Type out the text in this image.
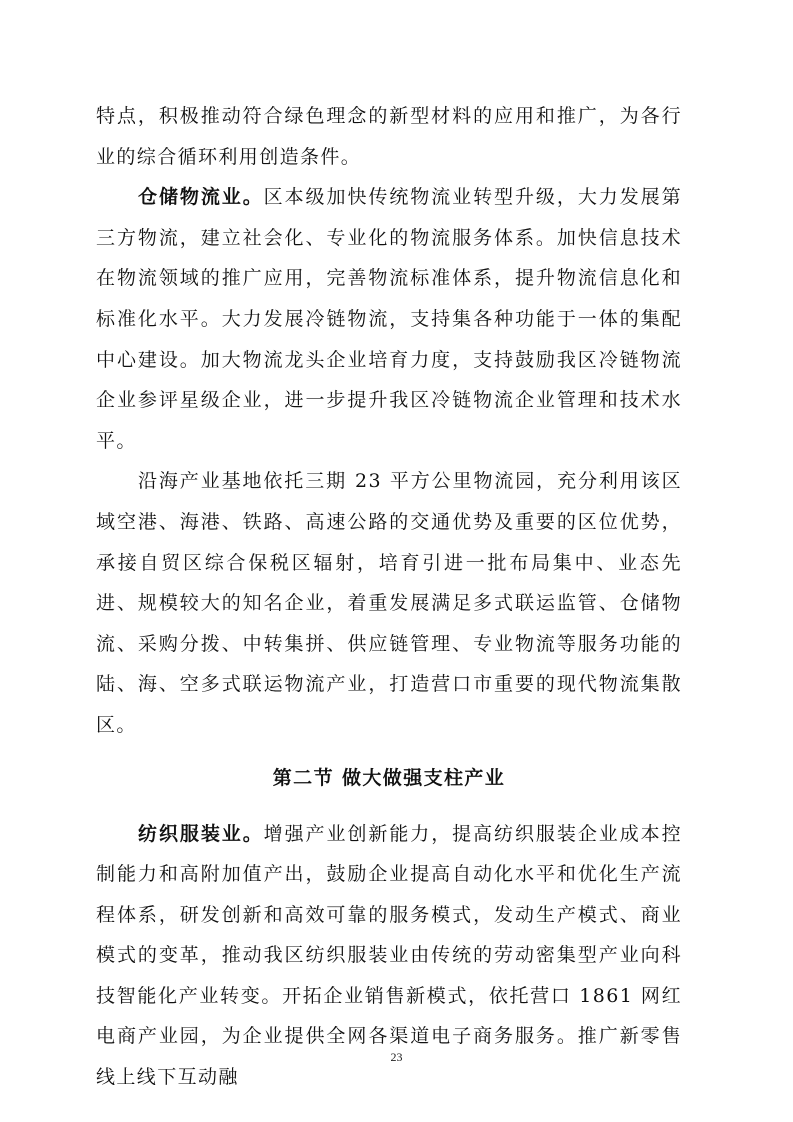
特点，积极推动符合绿色理念的新型材料的应用和推广，为各行业的综合循环利用创造条件。

仓储物流业。区本级加快传统物流业转型升级，大力发展第三方物流，建立社会化、专业化的物流服务体系。加快信息技术在物流领域的推广应用，完善物流标准体系，提升物流信息化和标准化水平。大力发展冷链物流，支持集各种功能于一体的集配中心建设。加大物流龙头企业培育力度，支持鼓励我区冷链物流企业参评星级企业，进一步提升我区冷链物流企业管理和技术水平。

沿海产业基地依托三期 23 平方公里物流园，充分利用该区域空港、海港、铁路、高速公路的交通优势及重要的区位优势，承接自贸区综合保税区辐射，培育引进一批布局集中、业态先进、规模较大的知名企业，着重发展满足多式联运监管、仓储物流、采购分拨、中转集拼、供应链管理、专业物流等服务功能的陆、海、空多式联运物流产业，打造营口市重要的现代物流集散区。

第二节 做大做强支柱产业

纺织服装业。增强产业创新能力，提高纺织服装企业成本控制能力和高附加值产出，鼓励企业提高自动化水平和优化生产流程体系，研发创新和高效可靠的服务模式，发动生产模式、商业模式的变革，推动我区纺织服装业由传统的劳动密集型产业向科技智能化产业转变。开拓企业销售新模式，依托营口 1861 网红电商产业园，为企业提供全网各渠道电子商务服务。推广新零售线上线下互动融

23
